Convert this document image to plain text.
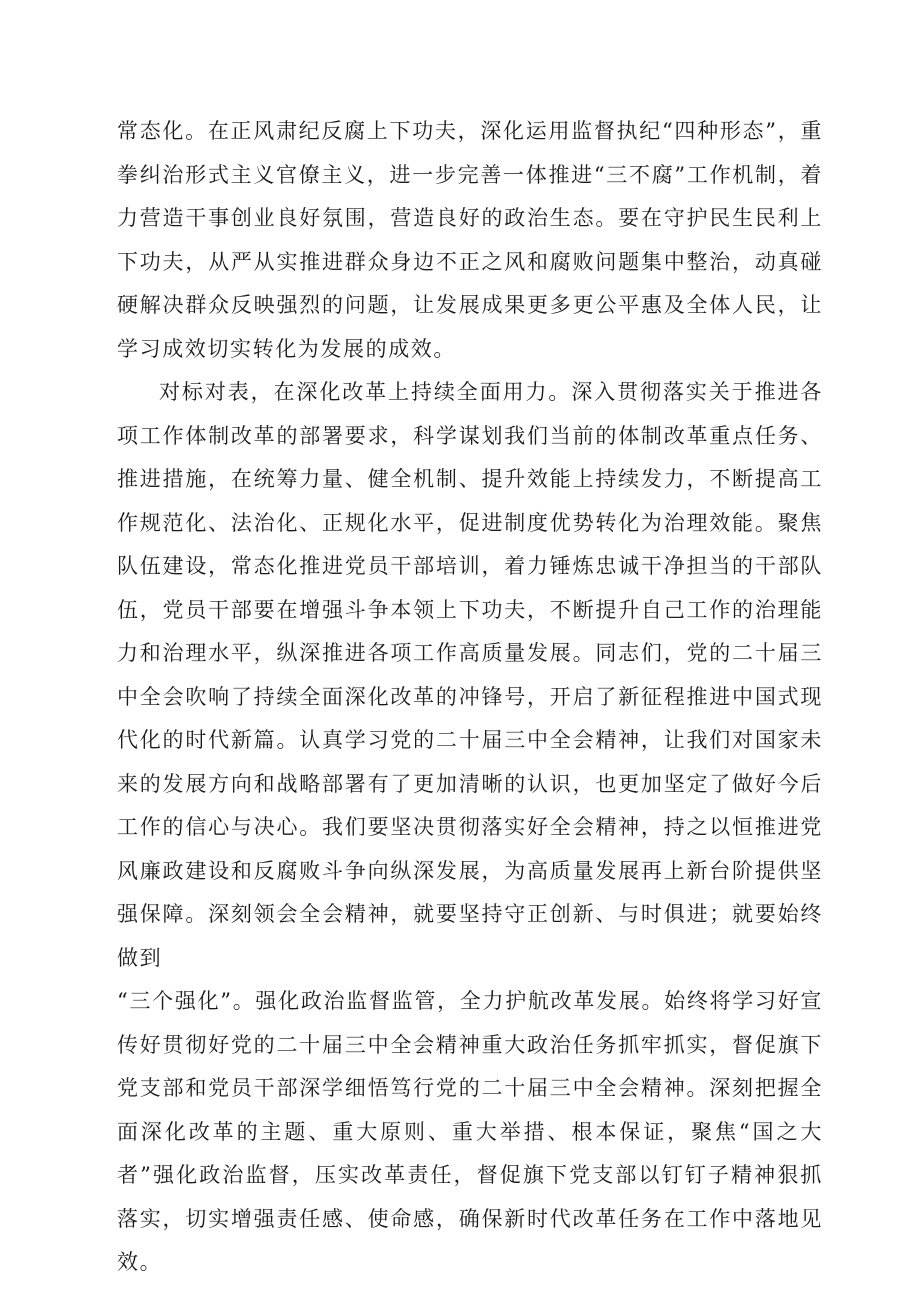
常态化。在正风肃纪反腐上下功夫，深化运用监督执纪“四种形态”，重拳纠治形式主义官僚主义，进一步完善一体推进“三不腐”工作机制，着力营造干事创业良好氛围，营造良好的政治生态。要在守护民生民利上下功夫，从严从实推进群众身边不正之风和腐败问题集中整治，动真碰硬解决群众反映强烈的问题，让发展成果更多更公平惠及全体人民，让学习成效切实转化为发展的成效。

对标对表，在深化改革上持续全面用力。深入贯彻落实关于推进各项工作体制改革的部署要求，科学谋划我们当前的体制改革重点任务、推进措施，在统筹力量、健全机制、提升效能上持续发力，不断提高工作规范化、法治化、正规化水平，促进制度优势转化为治理效能。聚焦队伍建设，常态化推进党员干部培训，着力锤炼忠诚干净担当的干部队伍，党员干部要在增强斗争本领上下功夫，不断提升自己工作的治理能力和治理水平，纵深推进各项工作高质量发展。同志们，党的二十届三中全会吹响了持续全面深化改革的冲锋号，开启了新征程推进中国式现代化的时代新篇。认真学习党的二十届三中全会精神，让我们对国家未来的发展方向和战略部署有了更加清晰的认识，也更加坚定了做好今后工作的信心与决心。我们要坚决贯彻落实好全会精神，持之以恒推进党风廉政建设和反腐败斗争向纵深发展，为高质量发展再上新台阶提供坚强保障。深刻领会全会精神，就要坚持守正创新、与时俱进；就要始终做到

“三个强化”。强化政治监督监管，全力护航改革发展。始终将学习好宣传好贯彻好党的二十届三中全会精神重大政治任务抓牢抓实，督促旗下党支部和党员干部深学细悟笃行党的二十届三中全会精神。深刻把握全面深化改革的主题、重大原则、重大举措、根本保证，聚焦“国之大者”强化政治监督，压实改革责任，督促旗下党支部以钉钉子精神狠抓落实，切实增强责任感、使命感，确保新时代改革任务在工作中落地见效。
